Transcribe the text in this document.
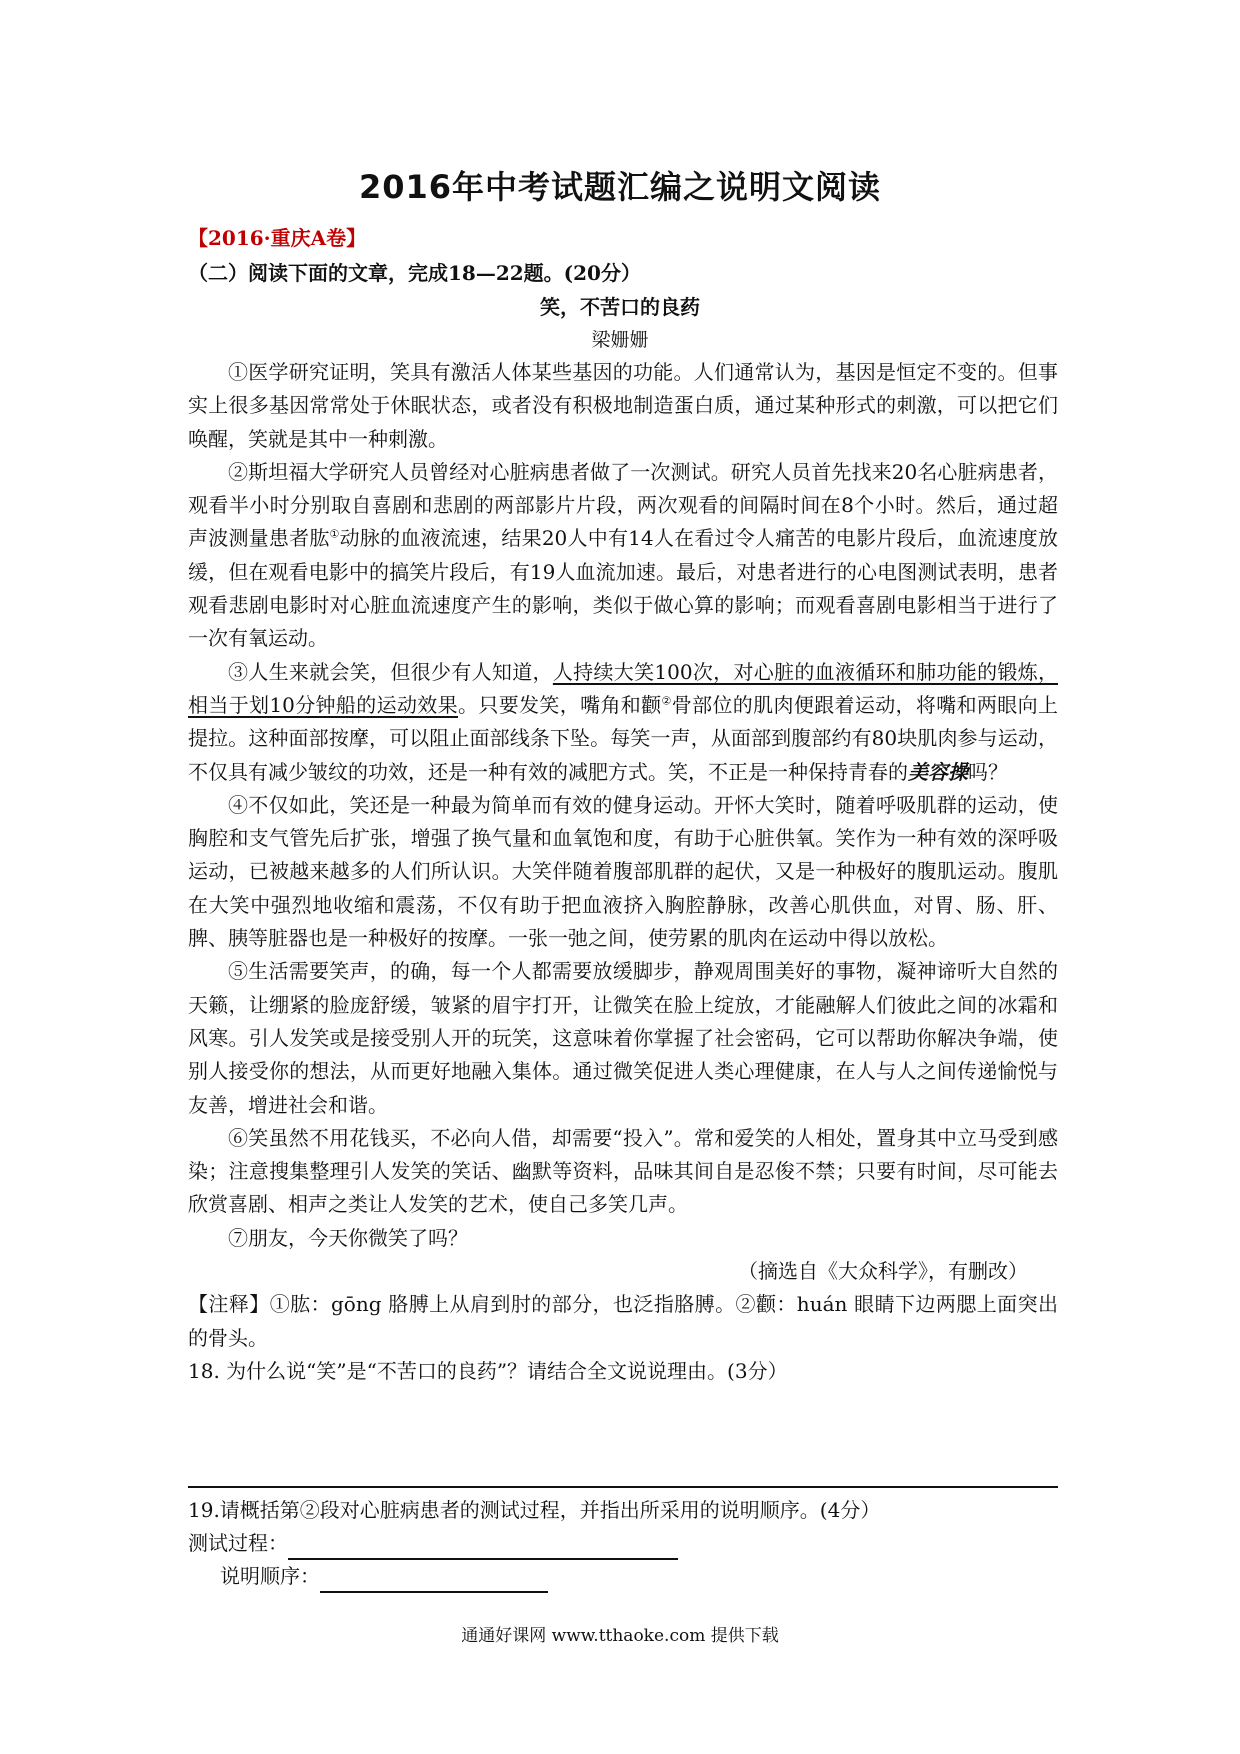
2016年中考试题汇编之说明文阅读
【2016·重庆A卷】
（二）阅读下面的文章，完成18—22题。(20分）
笑，不苦口的良药
梁姗姗

①医学研究证明，笑具有激活人体某些基因的功能。人们通常认为，基因是恒定不变的。但事实上很多基因常常处于休眠状态，或者没有积极地制造蛋白质，通过某种形式的刺激，可以把它们唤醒，笑就是其中一种刺激。

②斯坦福大学研究人员曾经对心脏病患者做了一次测试。研究人员首先找来20名心脏病患者，观看半小时分别取自喜剧和悲剧的两部影片片段，两次观看的间隔时间在8个小时。然后，通过超声波测量患者肱①动脉的血液流速，结果20人中有14人在看过令人痛苦的电影片段后，血流速度放缓，但在观看电影中的搞笑片段后，有19人血流加速。最后，对患者进行的心电图测试表明，患者观看悲剧电影时对心脏血流速度产生的影响，类似于做心算的影响；而观看喜剧电影相当于进行了一次有氧运动。

③人生来就会笑，但很少有人知道，人持续大笑100次，对心脏的血液循环和肺功能的锻炼，相当于划10分钟船的运动效果。只要发笑，嘴角和颧②骨部位的肌肉便跟着运动，将嘴和两眼向上提拉。这种面部按摩，可以阻止面部线条下坠。每笑一声，从面部到腹部约有80块肌肉参与运动，不仅具有减少皱纹的功效，还是一种有效的减肥方式。笑，不正是一种保持青春的美容操吗？

④不仅如此，笑还是一种最为简单而有效的健身运动。开怀大笑时，随着呼吸肌群的运动，使胸腔和支气管先后扩张，增强了换气量和血氧饱和度，有助于心脏供氧。笑作为一种有效的深呼吸运动，已被越来越多的人们所认识。大笑伴随着腹部肌群的起伏，又是一种极好的腹肌运动。腹肌在大笑中强烈地收缩和震荡，不仅有助于把血液挤入胸腔静脉，改善心肌供血，对胃、肠、肝、脾、胰等脏器也是一种极好的按摩。一张一弛之间，使劳累的肌肉在运动中得以放松。

⑤生活需要笑声，的确，每一个人都需要放缓脚步，静观周围美好的事物，凝神谛听大自然的天籁，让绷紧的脸庞舒缓，皱紧的眉宇打开，让微笑在脸上绽放，才能融解人们彼此之间的冰霜和风寒。引人发笑或是接受别人开的玩笑，这意味着你掌握了社会密码，它可以帮助你解决争端，使别人接受你的想法，从而更好地融入集体。通过微笑促进人类心理健康，在人与人之间传递愉悦与友善，增进社会和谐。

⑥笑虽然不用花钱买，不必向人借，却需要“投入”。常和爱笑的人相处，置身其中立马受到感染；注意搜集整理引人发笑的笑话、幽默等资料，品味其间自是忍俊不禁；只要有时间，尽可能去欣赏喜剧、相声之类让人发笑的艺术，使自己多笑几声。

⑦朋友，今天你微笑了吗？

（摘选自《大众科学》，有删改）

【注释】①肱：gōng 胳膊上从肩到肘的部分，也泛指胳膊。②颧：huán 眼睛下边两腮上面突出的骨头。

18. 为什么说“笑”是“不苦口的良药”？请结合全文说说理由。(3分）

19.请概括第②段对心脏病患者的测试过程，并指出所采用的说明顺序。(4分）
测试过程：
说明顺序：
通通好课网 www.tthaoke.com 提供下载
